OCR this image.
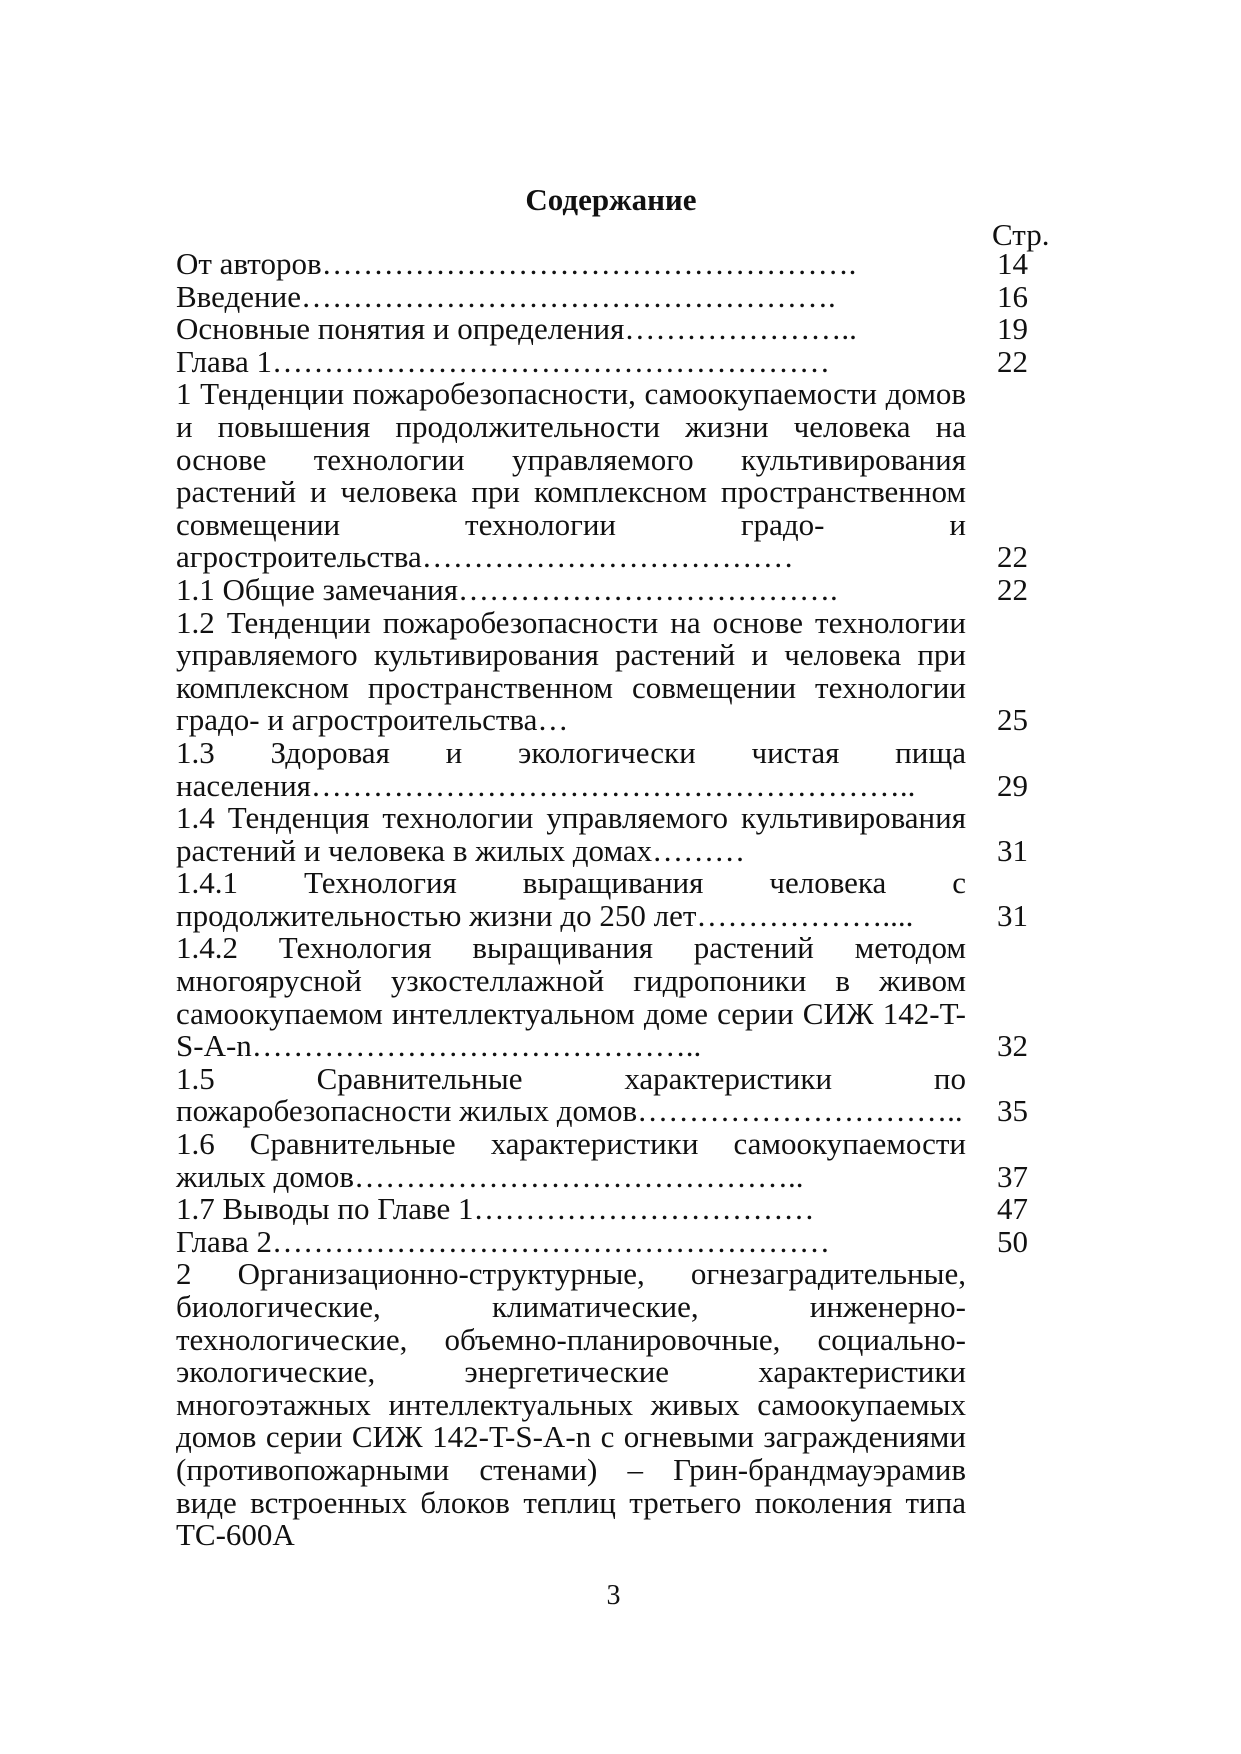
Содержание
Стр.
От авторов…………………………………………….	14
Введение…………………………………………….	16
Основные понятия и определения…………………..	19
Глава 1………………………………………………	22
1 Тенденции пожаробезопасности, самоокупаемости домов и повышения продолжительности жизни человека на основе технологии управляемого культивирования растений и человека при комплексном пространственном совмещении технологии градо- и агростроительства………………………………	22
1.1 Общие замечания……………………………….	22
1.2 Тенденции пожаробезопасности на основе технологии управляемого культивирования растений и человека при комплексном пространственном совмещении технологии градо- и агростроительства…	25
1.3 Здоровая и экологически чистая пища населения…………………………………………………..	29
1.4 Тенденция технологии управляемого культивирования растений и человека в жилых домах………	31
1.4.1 Технология выращивания человека с продолжительностью жизни до 250 лет………………....	31
1.4.2 Технология выращивания растений методом многоярусной узкостеллажной гидропоники в живом самоокупаемом интеллектуальном доме серии СИЖ 142-T-S-A-n……………………………………..	32
1.5 Сравнительные характеристики по пожаробезопасности жилых домов…………………………..	35
1.6 Сравнительные характеристики самоокупаемости жилых домов……………………………………..	37
1.7 Выводы по Главе 1……………………………	47
Глава 2………………………………………………	50
2 Организационно-структурные, огнезаградительные, биологические, климатические, инженерно-технологические, объемно-планировочные, социально-экологические, энергетические характеристики многоэтажных интеллектуальных живых самоокупаемых домов серии СИЖ 142-T-S-A-n с огневыми заграждениями (противопожарными стенами) – Грин-брандмауэрамив виде встроенных блоков теплиц третьего поколения типа ТС-600А
3
